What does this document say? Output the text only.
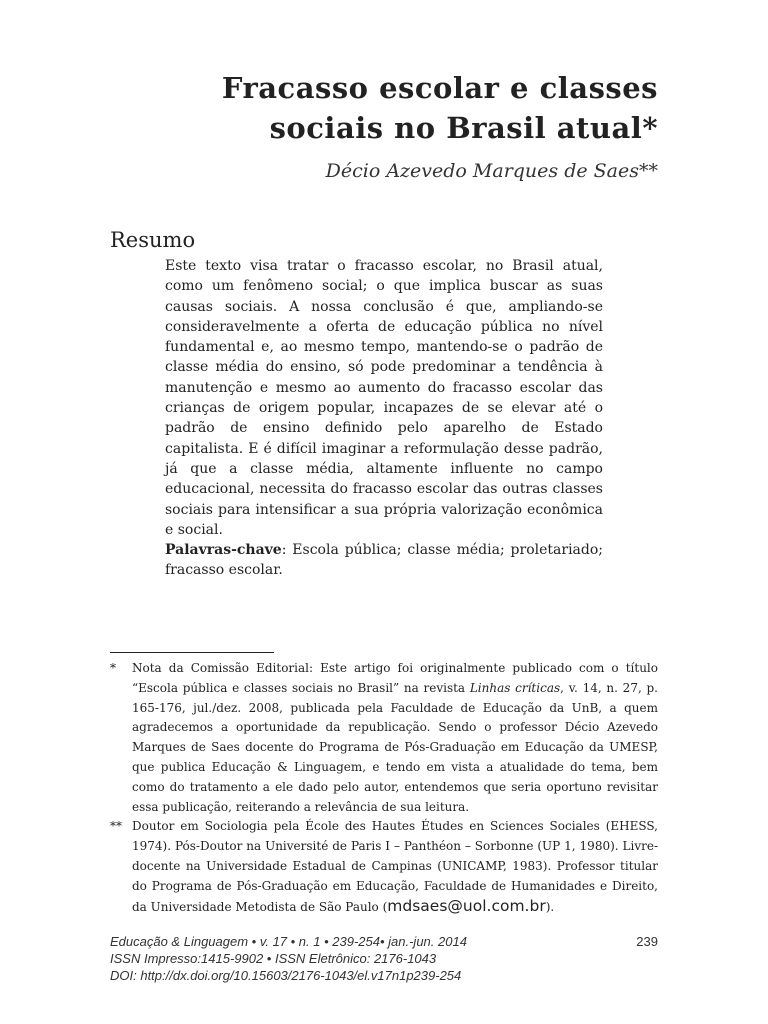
Fracasso escolar e classes
sociais no Brasil atual*
Décio Azevedo Marques de Saes**
Resumo

Este texto visa tratar o fracasso escolar, no Brasil atual, como um fenômeno social; o que implica buscar as suas causas sociais. A nossa conclusão é que, ampliando-se consideravelmente a oferta de educação pública no nível fundamental e, ao mesmo tempo, mantendo-se o padrão de classe média do ensino, só pode predominar a tendência à manutenção e mesmo ao aumento do fracasso escolar das crianças de origem popular, incapazes de se elevar até o padrão de ensino definido pelo aparelho de Estado capitalista. E é difícil imaginar a reformulação desse padrão, já que a classe média, altamente influente no campo educacional, necessita do fracasso escolar das outras classes sociais para intensificar a sua própria valorização econômica e social.

Palavras-chave: Escola pública; classe média; proletariado; fracasso escolar.

* Nota da Comissão Editorial: Este artigo foi originalmente publicado com o título “Escola pública e classes sociais no Brasil” na revista Linhas críticas, v. 14, n. 27, p. 165-176, jul./dez. 2008, publicada pela Faculdade de Educação da UnB, a quem agradecemos a oportunidade da republicação. Sendo o professor Décio Azevedo Marques de Saes docente do Programa de Pós-Graduação em Educação da UMESP, que publica Educação & Linguagem, e tendo em vista a atualidade do tema, bem como do tratamento a ele dado pelo autor, entendemos que seria oportuno revisitar essa publicação, reiterando a relevância de sua leitura.
** Doutor em Sociologia pela École des Hautes Études en Sciences Sociales (EHESS, 1974). Pós-Doutor na Université de Paris I – Panthéon – Sorbonne (UP 1, 1980). Livre-docente na Universidade Estadual de Campinas (UNICAMP, 1983). Professor titular do Programa de Pós-Graduação em Educação, Faculdade de Humanidades e Direito, da Universidade Metodista de São Paulo (mdsaes@uol.com.br).
Educação & Linguagem • v. 17 • n. 1 • 239-254• jan.-jun. 2014	239
ISSN Impresso:1415-9902 • ISSN Eletrônico: 2176-1043
DOI: http://dx.doi.org/10.15603/2176-1043/el.v17n1p239-254
